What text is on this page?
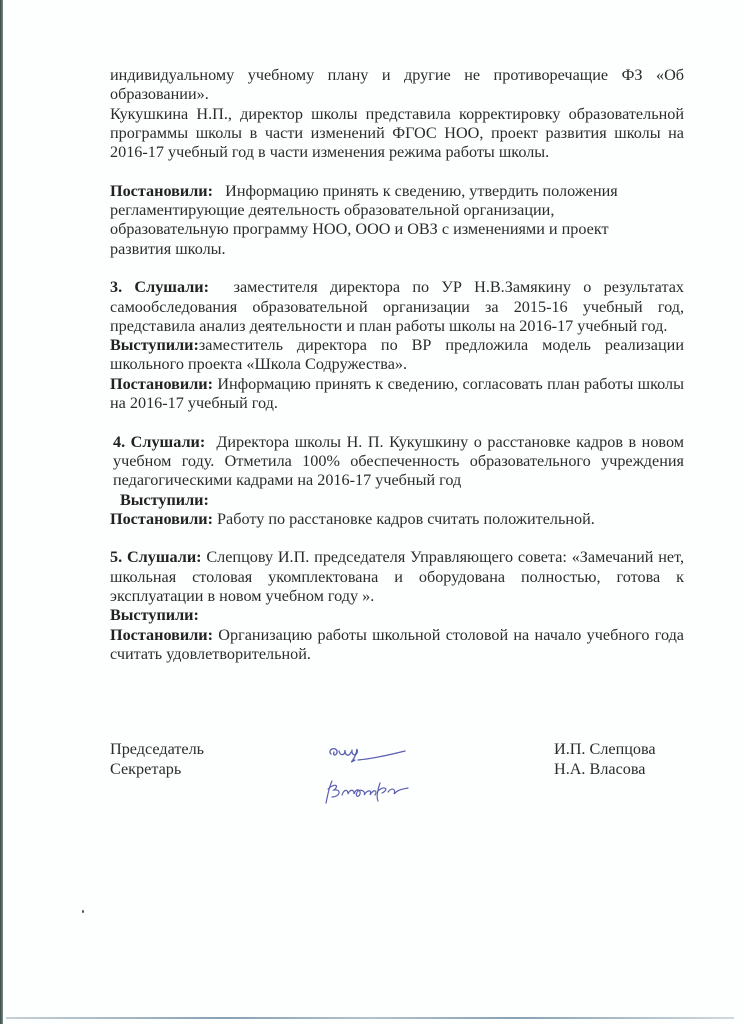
индивидуальному учебному плану и другие не противоречащие ФЗ «Об образовании».

Кукушкина Н.П., директор школы представила корректировку образовательной программы школы в части изменений ФГОС НОО, проект развития школы на 2016-17 учебный год в части изменения режима работы школы.

Постановили: Информацию принять к сведению, утвердить положения

регламентирующие деятельность образовательной организации,

образовательную программу НОО, ООО и ОВЗ с изменениями и проект

развития школы.

3. Слушали: заместителя директора по УР Н.В.Замякину о результатах самообследования образовательной организации за 2015-16 учебный год, представила анализ деятельности и план работы школы на 2016-17 учебный год.

Выступили:заместитель директора по ВР предложила модель реализации школьного проекта «Школа Содружества».

Постановили: Информацию принять к сведению, согласовать план работы школы на 2016-17 учебный год.

4. Слушали: Директора школы Н. П. Кукушкину о расстановке кадров в новом учебном году. Отметила 100% обеспеченность образовательного учреждения педагогическими кадрами на 2016-17 учебный год

Выступили:

Постановили: Работу по расстановке кадров считать положительной.

5. Слушали: Слепцову И.П. председателя Управляющего совета: «Замечаний нет, школьная столовая укомплектована и оборудована полностью, готова к эксплуатации в новом учебном году ».

Выступили:

Постановили: Организацию работы школьной столовой на начало учебного года считать удовлетворительной.

Председатель	И.П. Слепцова
Секретарь	Н.А. Власова
